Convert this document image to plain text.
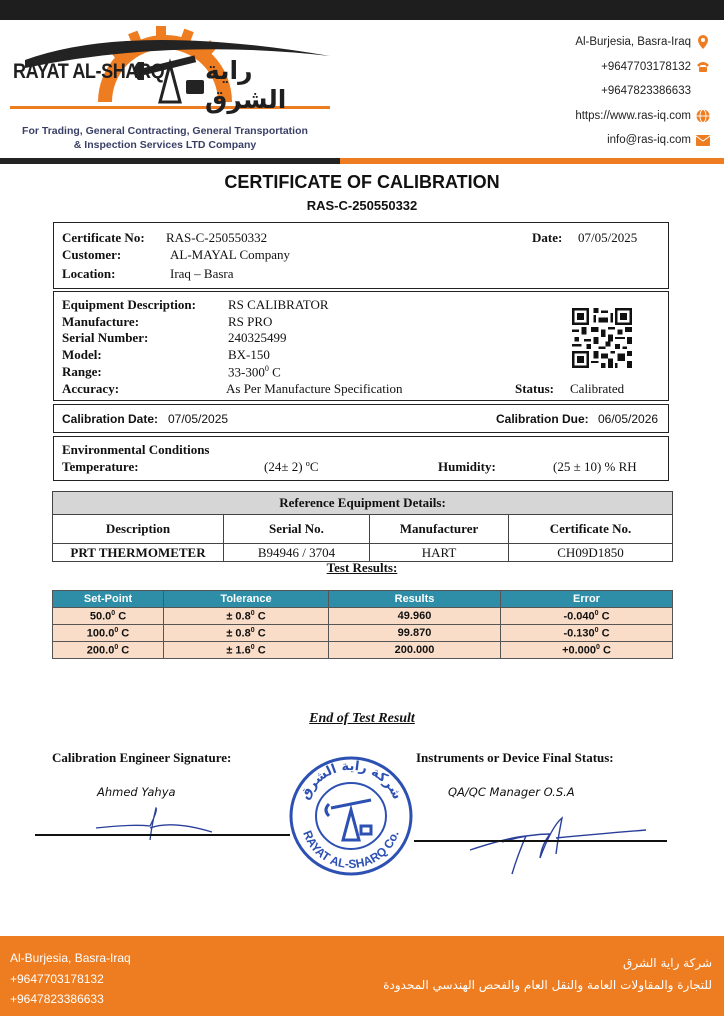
RAYAT AL-SHARQ راية الشرق
For Trading, General Contracting, General Transportation
& Inspection Services LTD Company
Al-Burjesia, Basra-Iraq
+9647703178132
+9647823386633
https://www.ras-iq.com
info@ras-iq.com
CERTIFICATE OF CALIBRATION
RAS-C-250550332
Certificate No: RAS-C-250550332	Date: 07/05/2025
Customer:	AL-MAYAL Company
Location:	Iraq – Basra
Equipment Description: RS CALIBRATOR
Manufacture:	RS PRO
Serial Number:	240325499
Model:	BX-150
Range:	$33-300^0$ C
Accuracy:	As Per Manufacture Specification	Status: Calibrated
Calibration Date: 07/05/2025	Calibration Due: 06/05/2026
Environmental Conditions
Temperature:	(24± 2) ºC	Humidity:	(25 ± 10) % RH
Reference Equipment Details:			
Description	Serial No.	Manufacturer	Certificate No.
PRT THERMOMETER	B94946 / 3704	HART	CH09D1850
Test Results:
Set-Point	Tolerance	Results	Error
50.0$^0$ C	± $0.8^0$ C	49.960	-0.040$^0$ C
100.0$^0$ C	± $0.8^0$ C	99.870	-0.130$^0$ C
200.0$^0$ C	± $1.6^0$ C	200.000	$+0.000^0$ C
End of Test Result
Calibration Engineer Signature:	Instruments or Device Final Status:
Ahmed Yahya	QA/QC Manager O.S.A
شركة راية الشرق
RAYAT AL-SHARQ Co.
Al-Burjesia, Basra-Iraq
+9647703178132
+9647823386633
شركة راية الشرق
للتجارة والمقاولات العامة والنقل العام والفحص الهندسي المحدودة
